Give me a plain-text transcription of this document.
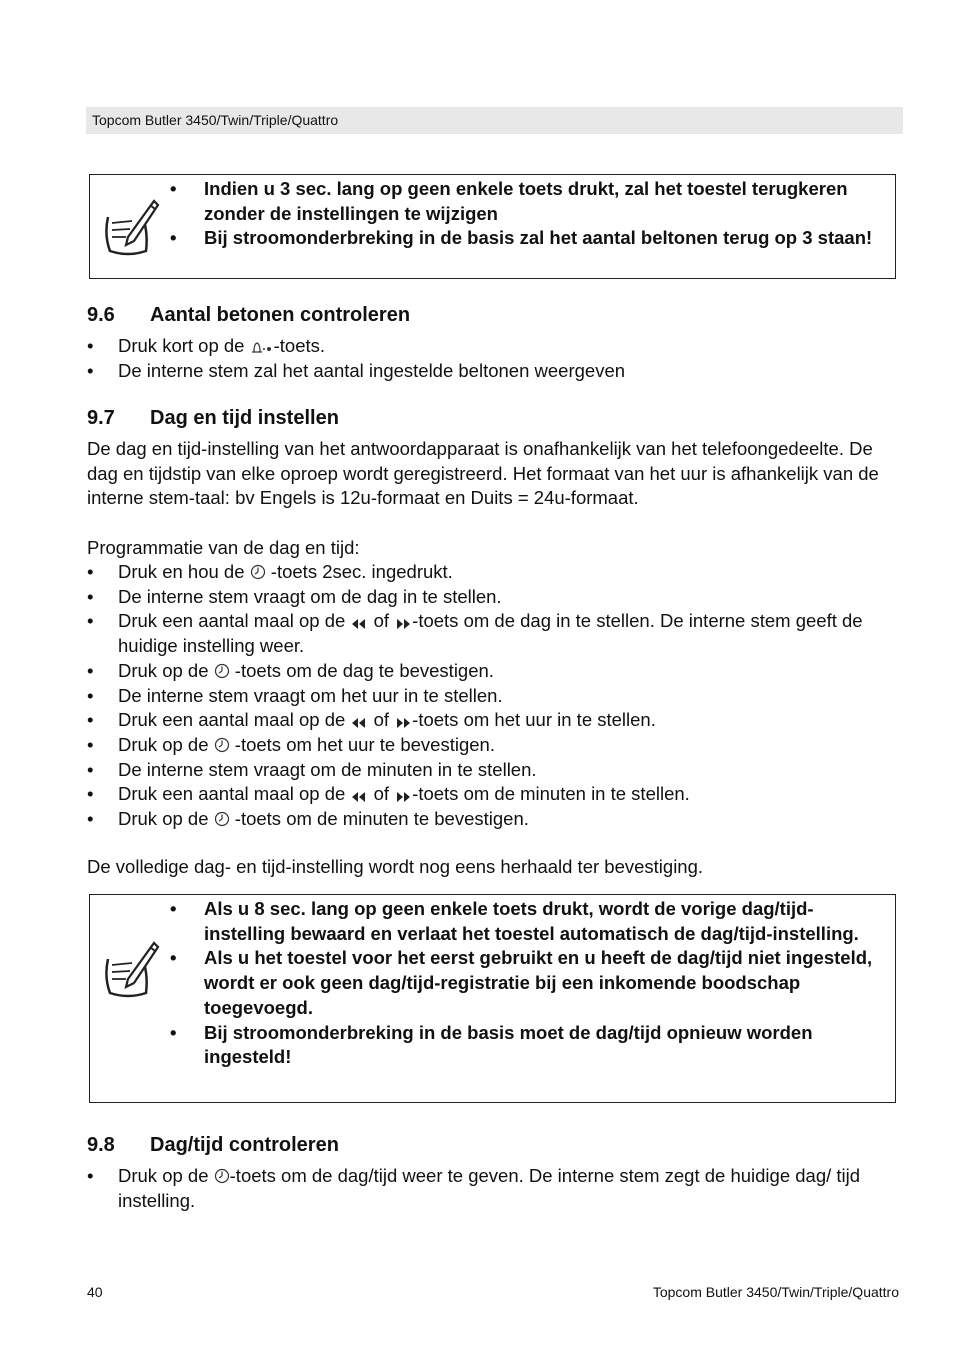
Topcom Butler 3450/Twin/Triple/Quattro
• Indien u 3 sec. lang op geen enkele toets drukt, zal het toestel terugkeren zonder de instellingen te wijzigen
• Bij stroomonderbreking in de basis zal het aantal beltonen terug op 3 staan!
9.6 Aantal betonen controleren
• Druk kort op de -toets.
• De interne stem zal het aantal ingestelde beltonen weergeven
9.7 Dag en tijd instellen

De dag en tijd-instelling van het antwoordapparaat is onafhankelijk van het telefoongedeelte. De dag en tijdstip van elke oproep wordt geregistreerd. Het formaat van het uur is afhankelijk van de interne stem-taal: bv Engels is 12u-formaat en Duits = 24u-formaat.

Programmatie van de dag en tijd:

• Druk en hou de  -toets 2sec. ingedrukt.
• De interne stem vraagt om de dag in te stellen.
• Druk een aantal maal op de  of -toets om de dag in te stellen. De interne stem geeft de huidige instelling weer.
• Druk op de  -toets om de dag te bevestigen.
• De interne stem vraagt om het uur in te stellen.
• Druk een aantal maal op de  of -toets om het uur in te stellen.
• Druk op de  -toets om het uur te bevestigen.
• De interne stem vraagt om de minuten in te stellen.
• Druk een aantal maal op de  of -toets om de minuten in te stellen.
• Druk op de  -toets om de minuten te bevestigen.

De volledige dag- en tijd-instelling wordt nog eens herhaald ter bevestiging.

• Als u 8 sec. lang op geen enkele toets drukt, wordt de vorige dag/tijd-instelling bewaard en verlaat het toestel automatisch de dag/tijd-instelling.
• Als u het toestel voor het eerst gebruikt en u heeft de dag/tijd niet ingesteld, wordt er ook geen dag/tijd-registratie bij een inkomende boodschap toegevoegd.
• Bij stroomonderbreking in de basis moet de dag/tijd opnieuw worden ingesteld!
9.8 Dag/tijd controleren
• Druk op de -toets om de dag/tijd weer te geven. De interne stem zegt de huidige dag/ tijd instelling.
40	Topcom Butler 3450/Twin/Triple/Quattro
